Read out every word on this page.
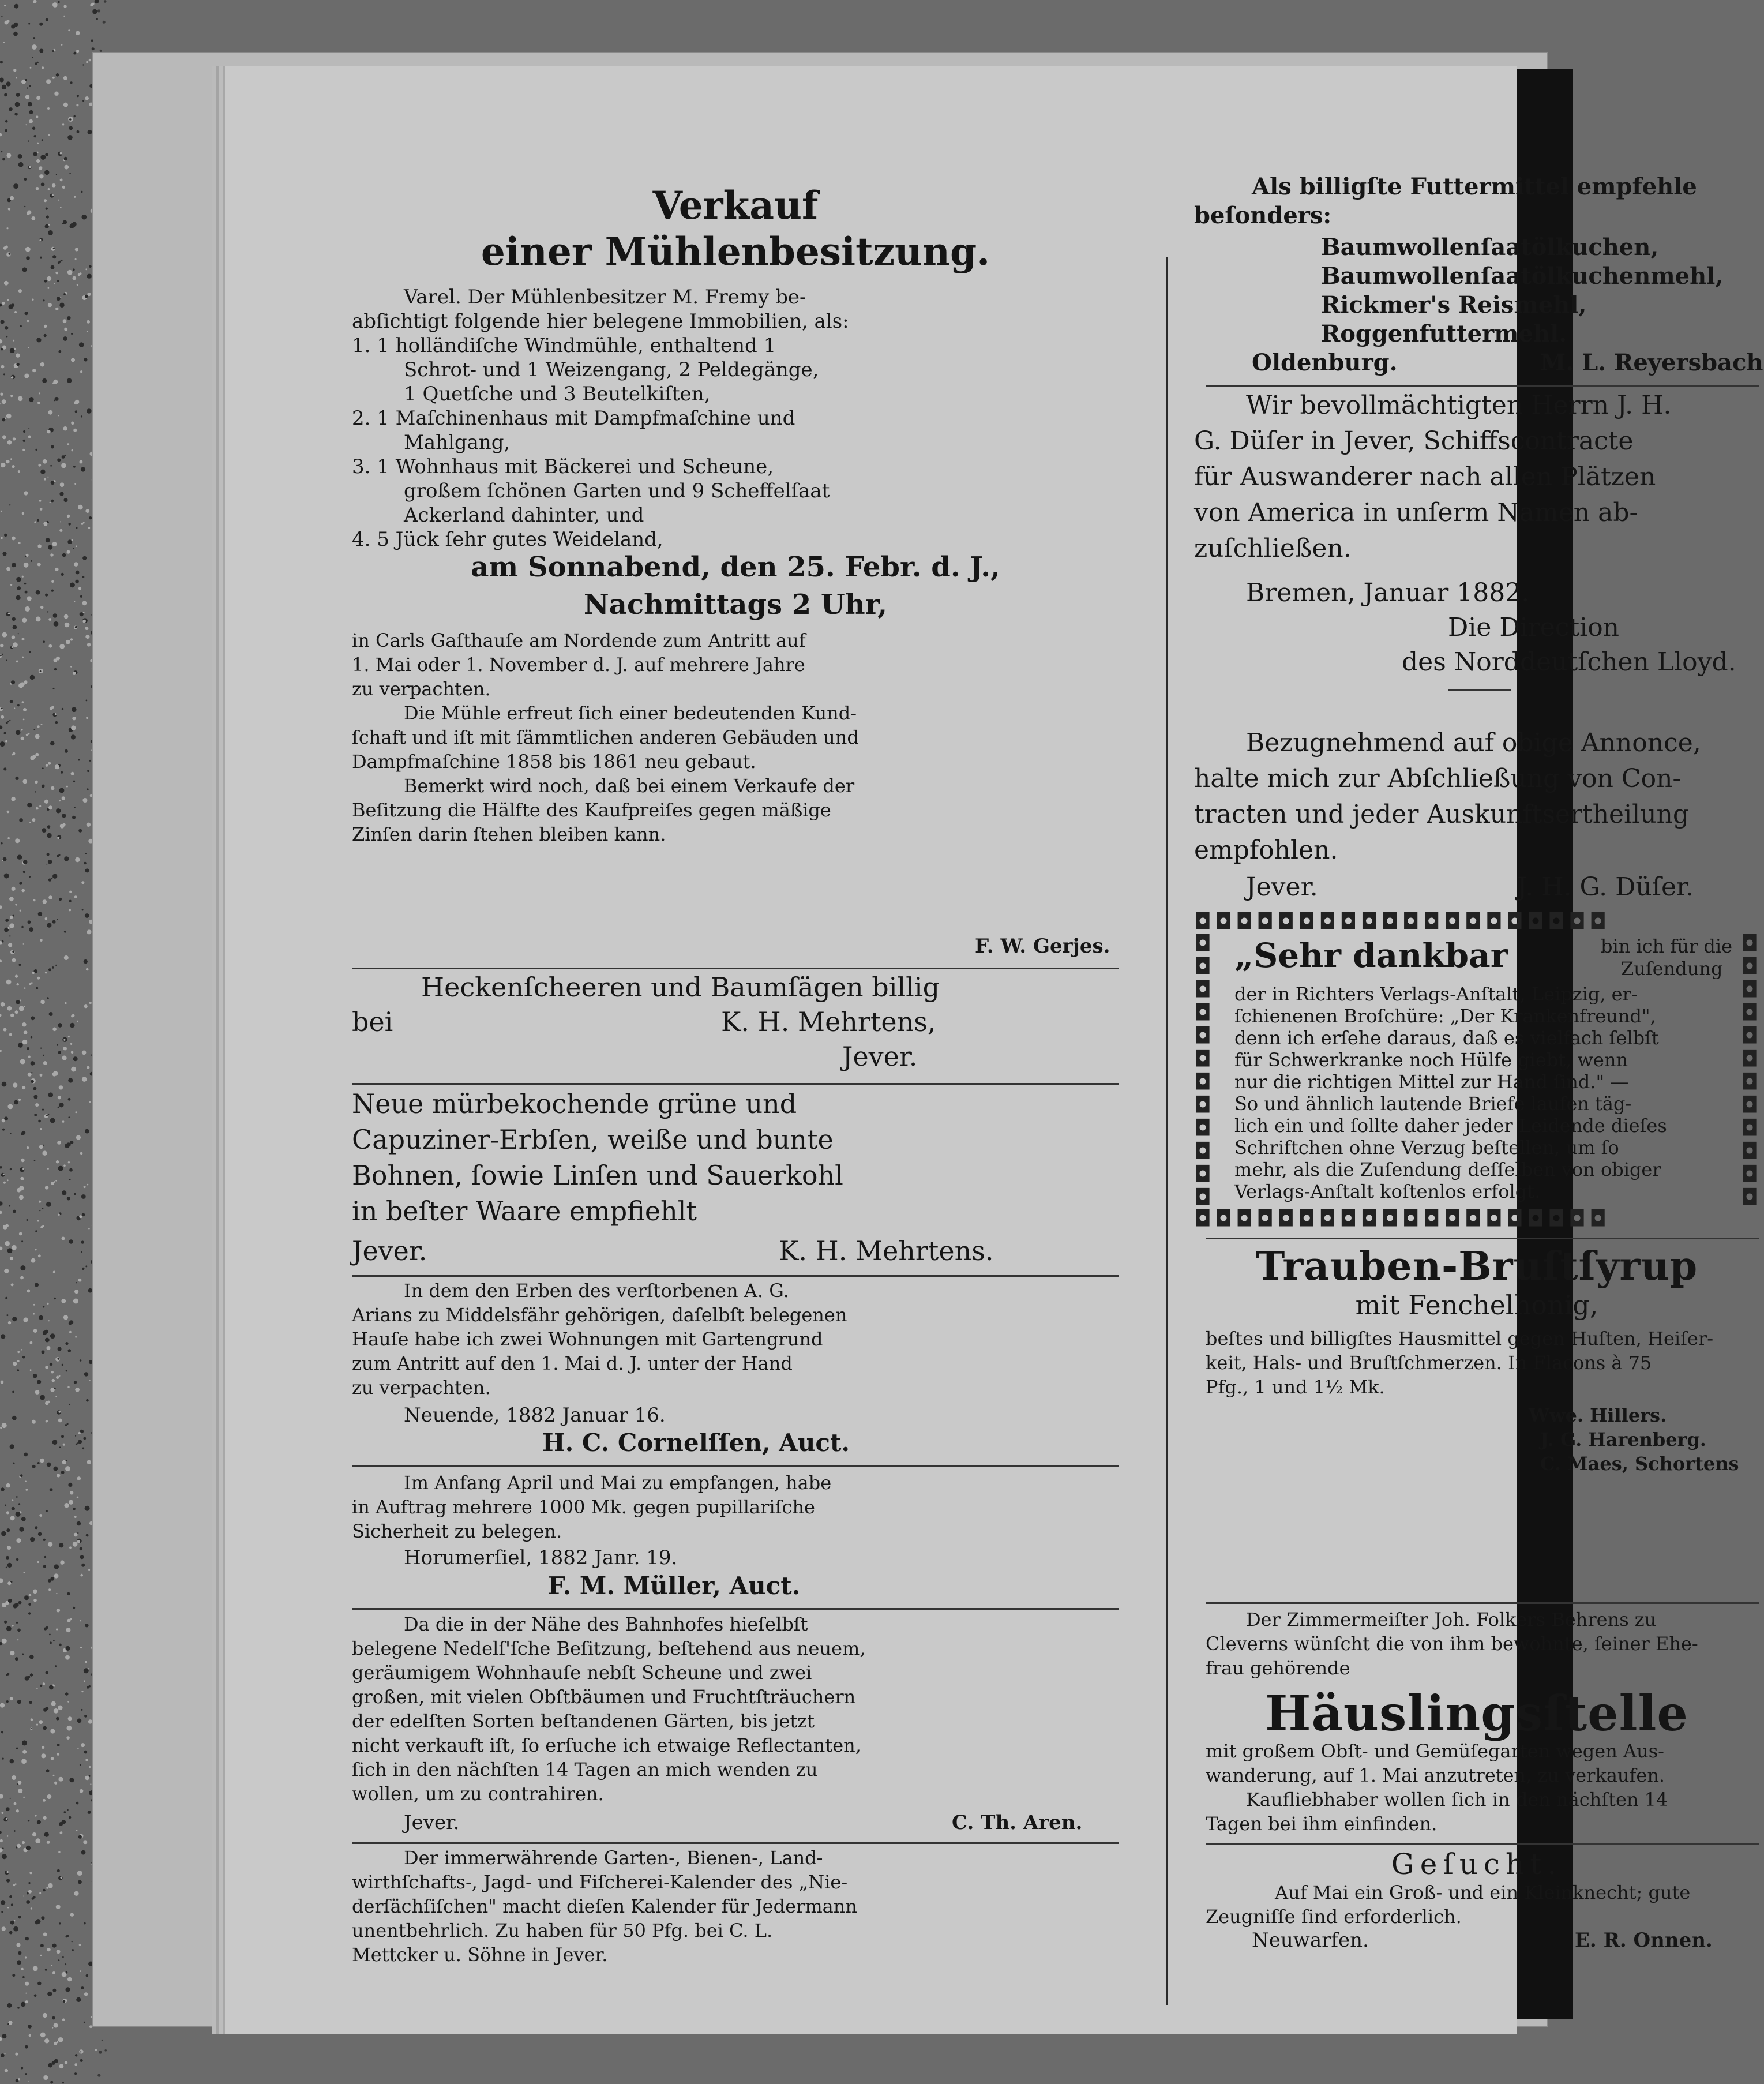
Verkauf
einer Mühlenbesitzung.
Varel. Der Mühlenbesitzer M. Fremy be-
abſichtigt folgende hier belegene Immobilien, als:
1. 1 holländiſche Windmühle, enthaltend 1
Schrot- und 1 Weizengang, 2 Peldegänge,
1 Quetſche und 3 Beutelkiſten,
2. 1 Maſchinenhaus mit Dampfmaſchine und
Mahlgang,
3. 1 Wohnhaus mit Bäckerei und Scheune,
großem ſchönen Garten und 9 Scheffelſaat
Ackerland dahinter, und
4. 5 Jück ſehr gutes Weideland,
am Sonnabend, den 25. Febr. d. J.,
Nachmittags 2 Uhr,
in Carls Gaſthauſe am Nordende zum Antritt auf
1. Mai oder 1. November d. J. auf mehrere Jahre
zu verpachten.
Die Mühle erfreut ſich einer bedeutenden Kund-
ſchaft und iſt mit ſämmtlichen anderen Gebäuden und
Dampfmaſchine 1858 bis 1861 neu gebaut.
Bemerkt wird noch, daß bei einem Verkaufe der
Beſitzung die Hälfte des Kaufpreiſes gegen mäßige
Zinſen darin ſtehen bleiben kann.
F. W. Gerjes.
Heckenſcheeren und Baumſägen billig
bei	K. H. Mehrtens,
Jever.
Neue mürbekochende grüne und
Capuziner-Erbſen, weiße und bunte
Bohnen, ſowie Linſen und Sauerkohl
in beſter Waare empfiehlt
Jever.	K. H. Mehrtens.
In dem den Erben des verſtorbenen A. G.
Arians zu Middelsfähr gehörigen, daſelbſt belegenen
Hauſe habe ich zwei Wohnungen mit Gartengrund
zum Antritt auf den 1. Mai d. J. unter der Hand
zu verpachten.
Neuende, 1882 Januar 16.
H. C. Cornelſſen, Auct.
Im Anfang April und Mai zu empfangen, habe
in Auftrag mehrere 1000 Mk. gegen pupillariſche
Sicherheit zu belegen.
Horumerſiel, 1882 Janr. 19.
F. M. Müller, Auct.
Da die in der Nähe des Bahnhofes hieſelbſt
belegene Nedelſ'ſche Beſitzung, beſtehend aus neuem,
geräumigem Wohnhauſe nebſt Scheune und zwei
großen, mit vielen Obſtbäumen und Fruchtſträuchern
der edelſten Sorten beſtandenen Gärten, bis jetzt
nicht verkauft iſt, ſo erſuche ich etwaige Reflectanten,
ſich in den nächſten 14 Tagen an mich wenden zu
wollen, um zu contrahiren.
Jever.	C. Th. Aren.
Der immerwährende Garten-, Bienen-, Land-
wirthſchafts-, Jagd- und Fiſcherei-Kalender des „Nie-
derſächſiſchen" macht dieſen Kalender für Jedermann
unentbehrlich. Zu haben für 50 Pfg. bei C. L.
Mettcker u. Söhne in Jever.
Als billigſte Futtermittel empfehle
beſonders:
Baumwollenſaatölkuchen,
Baumwollenſaatölkuchenmehl,
Rickmer's Reismehl,
Roggenfuttermehl.
Oldenburg.	M. L. Reyersbach
Wir bevollmächtigten Herrn J. H.
G. Düſer in Jever, Schiffscontracte
für Auswanderer nach allen Plätzen
von America in unſerm Namen ab-
zuſchließen.
Bremen, Januar 1882.
Die Direction
des Norddeutſchen Lloyd.
Bezugnehmend auf obige Annonce,
halte mich zur Abſchließung von Con-
tracten und jeder Auskunftsertheilung
empfohlen.
Jever.	J. H. G. Düſer.
◘◘◘◘◘◘◘◘◘◘◘◘◘◘◘◘◘◘◘◘
◘◘◘◘◘◘◘◘◘◘◘◘◘◘◘◘◘◘◘◘
◘ ◘ ◘ ◘ ◘ ◘ ◘ ◘ ◘ ◘ ◘ ◘
◘ ◘ ◘ ◘ ◘ ◘ ◘ ◘ ◘ ◘ ◘ ◘
„Sehr dankbar	bin ich für die
Zuſendung
der in Richters Verlags-Anſtalt, Leipzig, er-
ſchienenen Broſchüre: „Der Krankenfreund",
denn ich erſehe daraus, daß es vielfach ſelbſt
für Schwerkranke noch Hülfe giebt, wenn
nur die richtigen Mittel zur Hand ſind." —
So und ähnlich lautende Briefe laufen täg-
lich ein und ſollte daher jeder Leidende dieſes
Schriftchen ohne Verzug beſtellen, um ſo
mehr, als die Zuſendung deſſelben von obiger
Verlags-Anſtalt koſtenlos erfolgt.
Trauben-Bruſtſyrup
mit Fenchelhonig,
beſtes und billigſtes Hausmittel gegen Huſten, Heiſer-
keit, Hals- und Bruſtſchmerzen. In Flacons à 75
Pfg., 1 und 1½ Mk.
Wwe. Hillers.
J. G. Harenberg.
C. Maes, Schortens
Der Zimmermeiſter Joh. Folkers Behrens zu
Cleverns wünſcht die von ihm bewohnte, ſeiner Ehe-
frau gehörende
Häuslingsſtelle
mit großem Obſt- und Gemüſegarten wegen Aus-
wanderung, auf 1. Mai anzutreten, zu verkaufen.
Kaufliebhaber wollen ſich in den nächſten 14
Tagen bei ihm einfinden.
Geſucht.
Auf Mai ein Groß- und ein Kleinknecht; gute
Zeugniſſe ſind erforderlich.
Neuwarfen.	E. R. Onnen.
